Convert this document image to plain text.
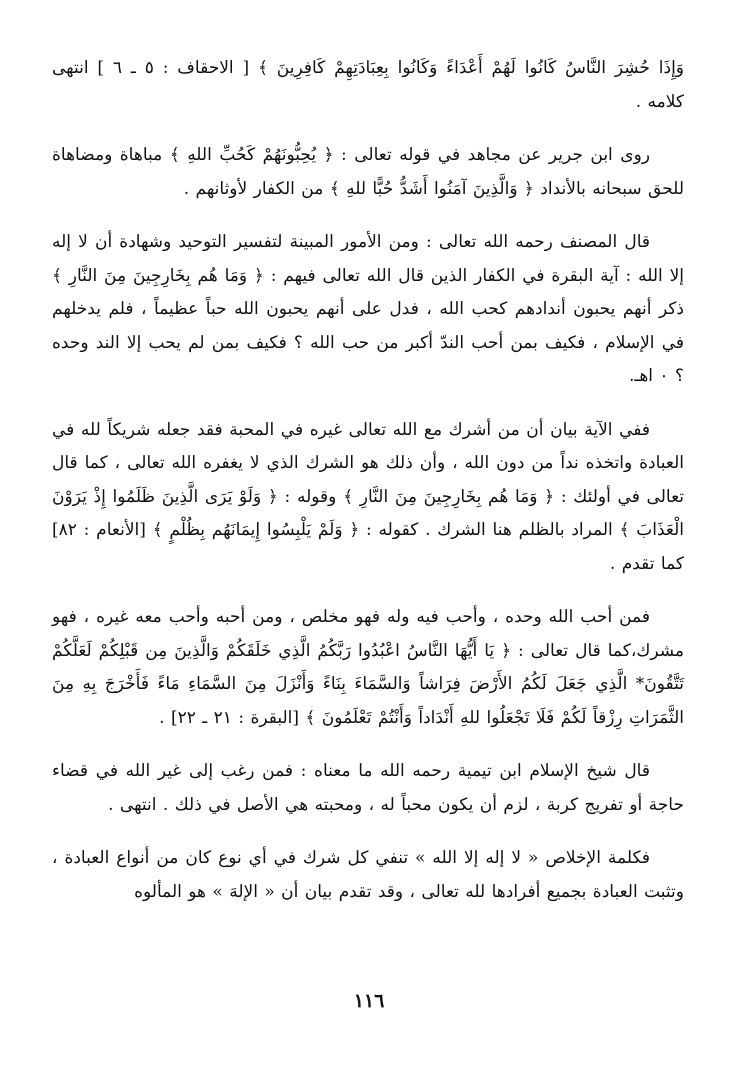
وَإِذَا حُشِرَ النَّاسُ كَانُوا لَهُمْ أَعْدَاءً وَكَانُوا بِعِبَادَتِهِمْ كَافِرِينَ ﴾ [ الاحقاف : ٥ ـ ٦ ] انتهى كلامه .

روى ابن جرير عن مجاهد في قوله تعالى : ﴿ يُحِبُّونَهُمْ كَحُبِّ اللهِ ﴾ مباهاة ومضاهاة للحق سبحانه بالأنداد ﴿ وَالَّذِينَ آمَنُوا أَشَدُّ حُبًّا للهِ ﴾ من الكفار لأوثانهم .

قال المصنف رحمه الله تعالى : ومن الأمور المبينة لتفسير التوحيد وشهادة أن لا إله إلا الله : آية البقرة في الكفار الذين قال الله تعالى فيهم : ﴿ وَمَا هُم بِخَارِجِينَ مِنَ النَّارِ ﴾ ذكر أنهم يحبون أندادهم كحب الله ، فدل على أنهم يحبون الله حباً عظيماً ، فلم يدخلهم في الإسلام ، فكيف بمن أحب الندّ أكبر من حب الله ؟ فكيف بمن لم يحب إلا الند وحده ؟ ٠ اهـ.

ففي الآية بيان أن من أشرك مع الله تعالى غيره في المحبة فقد جعله شريكاً لله في العبادة واتخذه نداً من دون الله ، وأن ذلك هو الشرك الذي لا يغفره الله تعالى ، كما قال تعالى في أولئك : ﴿ وَمَا هُم بِخَارِجِينَ مِنَ النَّارِ ﴾ وقوله : ﴿ وَلَوْ يَرَى الَّذِينَ ظَلَمُوا إِذْ يَرَوْنَ الْعَذَابَ ﴾ المراد بالظلم هنا الشرك . كقوله : ﴿ وَلَمْ يَلْبِسُوا إِيمَانَهُم بِظُلْمٍ ﴾ [الأنعام : ٨٢] كما تقدم .

فمن أحب الله وحده ، وأحب فيه وله فهو مخلص ، ومن أحبه وأحب معه غيره ، فهو مشرك،كما قال تعالى : ﴿ يَا أَيُّهَا النَّاسُ اعْبُدُوا رَبَّكُمُ الَّذِي خَلَقَكُمْ وَالَّذِينَ مِن قَبْلِكُمْ لَعَلَّكُمْ تَتَّقُونَ* الَّذِي جَعَلَ لَكُمُ الأَرْضَ فِرَاشاً وَالسَّمَاءَ بِنَاءً وَأَنْزَلَ مِنَ السَّمَاءِ مَاءً فَأَخْرَجَ بِهِ مِنَ الثَّمَرَاتِ رِزْقاً لَكُمْ فَلَا تَجْعَلُوا للهِ أَنْدَاداً وَأَنْتُمْ تَعْلَمُونَ ﴾ [البقرة : ٢١ ـ ٢٢] .

قال شيخ الإسلام ابن تيمية رحمه الله ما معناه : فمن رغب إلى غير الله في قضاء حاجة أو تفريج كربة ، لزم أن يكون محباً له ، ومحبته هي الأصل في ذلك . انتهى .

فكلمة الإخلاص « لا إله إلا الله » تنفي كل شرك في أي نوع كان من أنواع العبادة ، وتثبت العبادة بجميع أفرادها لله تعالى ، وقد تقدم بيان أن « الإلهَ » هو المألوه

١١٦
